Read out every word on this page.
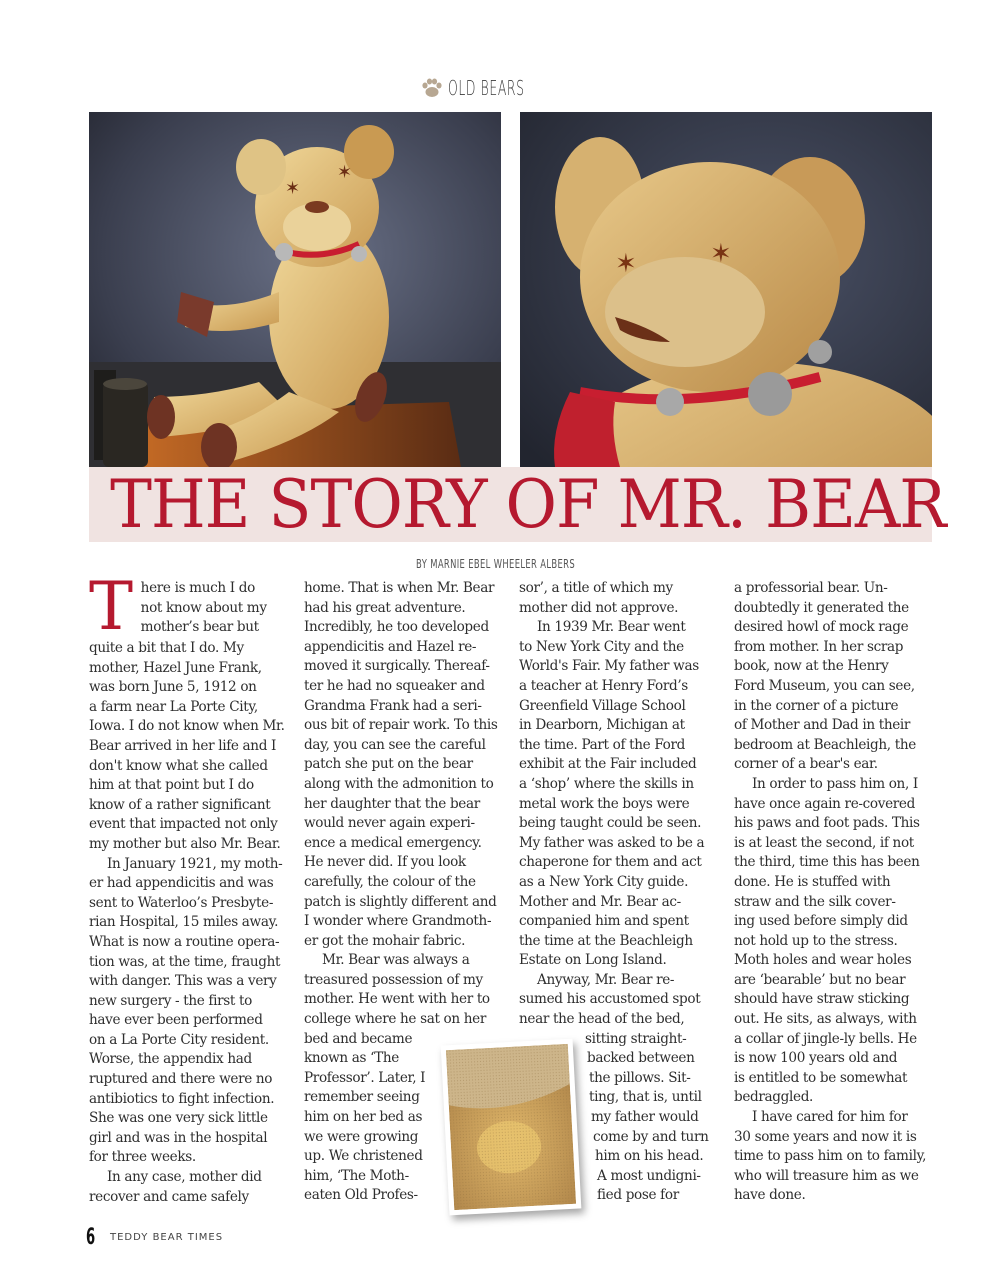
OLD BEARS
✶
✶
✶	✶
THE STORY OF MR. BEAR
BY MARNIE EBEL WHEELER ALBERS
T here is much I do
not know about my
mother’s bear but
quite a bit that I do. My
mother, Hazel June Frank,
was born June 5, 1912 on
a farm near La Porte City,
Iowa. I do not know when Mr.
Bear arrived in her life and I
don't know what she called
him at that point but I do
know of a rather significant
event that impacted not only
my mother but also Mr. Bear.
In January 1921, my moth-
er had appendicitis and was
sent to Waterloo’s Presbyte-
rian Hospital, 15 miles away.
What is now a routine opera-
tion was, at the time, fraught
with danger. This was a very
new surgery - the first to
have ever been performed
on a La Porte City resident.
Worse, the appendix had
ruptured and there were no
antibiotics to fight infection.
She was one very sick little
girl and was in the hospital
for three weeks.
In any case, mother did
recover and came safely
home. That is when Mr. Bear
had his great adventure.
Incredibly, he too developed
appendicitis and Hazel re-
moved it surgically. Thereaf-
ter he had no squeaker and
Grandma Frank had a seri-
ous bit of repair work. To this
day, you can see the careful
patch she put on the bear
along with the admonition to
her daughter that the bear
would never again experi-
ence a medical emergency.
He never did. If you look
carefully, the colour of the
patch is slightly different and
I wonder where Grandmoth-
er got the mohair fabric.
Mr. Bear was always a
treasured possession of my
mother. He went with her to
college where he sat on her
bed and became
known as ‘The
Professor’. Later, I
remember seeing
him on her bed as
we were growing
up. We christened
him, ‘The Moth-
eaten Old Profes-
sor’, a title of which my
mother did not approve.
In 1939 Mr. Bear went
to New York City and the
World's Fair. My father was
a teacher at Henry Ford’s
Greenfield Village School
in Dearborn, Michigan at
the time. Part of the Ford
exhibit at the Fair included
a ‘shop’ where the skills in
metal work the boys were
being taught could be seen.
My father was asked to be a
chaperone for them and act
as a New York City guide.
Mother and Mr. Bear ac-
companied him and spent
the time at the Beachleigh
Estate on Long Island.
Anyway, Mr. Bear re-
sumed his accustomed spot
near the head of the bed,
sitting straight-
backed between
the pillows. Sit-
ting, that is, until
my father would
come by and turn
him on his head.
A most undigni-
fied pose for
a professorial bear. Un-
doubtedly it generated the
desired howl of mock rage
from mother. In her scrap
book, now at the Henry
Ford Museum, you can see,
in the corner of a picture
of Mother and Dad in their
bedroom at Beachleigh, the
corner of a bear's ear.
In order to pass him on, I
have once again re-covered
his paws and foot pads. This
is at least the second, if not
the third, time this has been
done. He is stuffed with
straw and the silk cover-
ing used before simply did
not hold up to the stress.
Moth holes and wear holes
are ‘bearable’ but no bear
should have straw sticking
out. He sits, as always, with
a collar of jingle-ly bells. He
is now 100 years old and
is entitled to be somewhat
bedraggled.
I have cared for him for
30 some years and now it is
time to pass him on to family,
who will treasure him as we
have done.
6 TEDDY BEAR TIMES
